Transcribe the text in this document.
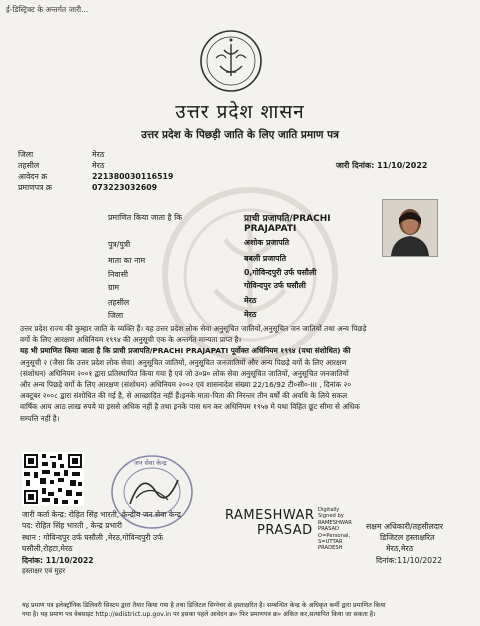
ई-डिस्ट्रिक्ट के अन्तर्गत जारी...
उत्तर प्रदेश शासन
उत्तर प्रदेश के पिछड़ी जाति के लिए जाति प्रमाण पत्र
जिला	मेरठ
तहसील	मेरठ
आवेदन क्र	221380030116519
प्रमाणपत्र क्र	073223032609
जारी दिनांक: 11/10/2022
प्रमाणित किया जाता है कि	प्राची प्रजापति/PRACHI
PRAJAPATI
पुत्र/पुत्री	अशोक प्रजापति
माता का नाम	बबली प्रजापति
निवासी	0,गोविन्दपुरी उर्फ घसौली
ग्राम	गोविन्दपुर उर्फ घसौली
तहसील	मेरठ
जिला	मेरठ
उत्तर प्रदेश राज्य की कुम्हार जाति के व्यक्ति हैं। यह उत्तर प्रदेश लोक सेवा अनुसूचित जातियों,अनुसूचित जन जातियों तथा अन्य पिछड़े
वर्गो के लिए आरक्षण अधिनियम १९९४ की अनुसूची एक के अन्तर्गत मान्यता प्राप्त है।
यह भी प्रमाणित किया जाता है कि प्राची प्रजापति/PRACHI PRAJAPATI पूर्वोक्त अधिनियम १९९४ (यथा संशोधित) की
अनुसूची २ (जैसा कि उत्तर प्रदेश लोक सेवा) अनुसूचित जातियों, अनुसूचित जनजातियों और अन्य पिछड़े वर्गो के लिए आरक्षण
(संशोधन) अधिनियम २००१ द्वारा प्रतिस्थापित किया गया है एवं जो उ०प्र० लोक सेवा अनुसूचित जातियों, अनुसूचित जनजातियों
और अन्य पिछड़े वर्गो के लिए आरक्षण (संशोधन) अधिनियम २००२ एवं शासनादेश संख्या 22/16/92 टी०सी०-III , दिनांक २०
अक्टूबर २००८ द्वारा संशोधित की गई है, से आच्छादित नहीं हैं।इनके माता-पिता की निरन्तर तीन वर्षों की अवधि के लिये सकल
वार्षिक आय आठ लाख रुपये या इससे अधिक नहीं है तथा इनके पास धन कर अधिनियम १९५७ मे यथा विहित छूट सीमा से अधिक
सम्पत्ति नहीं है।
जन सेवा केन्द्र
जारी कर्ता केन्द्र: रोहित सिंह भारती, केन्द्रीय जन सेवा केन्द्र
पद: रोहित सिंह भारती , केन्द्र प्रभारी
स्थान : गोविन्दपुर उर्फ घसौली ,मेरठ,गोविन्दपुरी उर्फ
घसौली,रोहटा,मेरठ
दिनांक: 11/10/2022
हस्ताक्षर एवं मुहर
RAMESHWAR
PRASAD
Digitally
Signed by
RAMESHWAR
PRASAD
O=Personal,
S=UTTAR
PRADESH
सक्षम अधिकारी/तहसीलदार
डिजिटल हस्ताक्षरित
मेरठ,मेरठ
दिनांक:11/10/2022
यह प्रमाण पत्र इलेक्ट्रॉनिक डिलिवरी सिस्टम द्वारा तैयार किया गया है तथा डिजिटल सिग्नेचर से हस्ताक्षरित है। सम्बन्धित केन्द्र के अधिकृत कर्मी द्वारा प्रमाणित किया
गया है। यह प्रमाण पत्र वेबसाइट http://edistrict.up.gov.in पर इसका पहले आवेदन क्र० फिर प्रमाणपत्र क्र० अंकित कर,सत्यापित किया जा सकता है।
